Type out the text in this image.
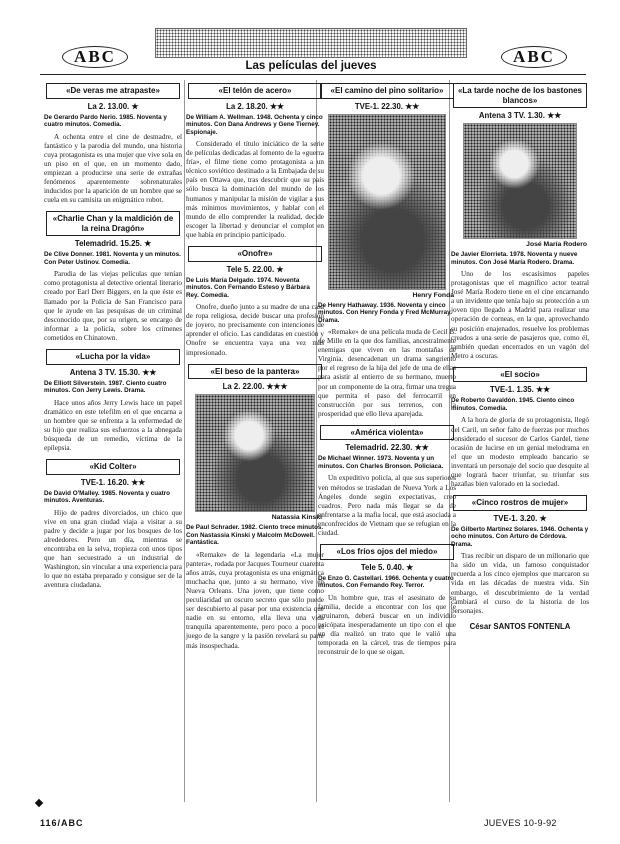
ABC	ABC
Las películas del jueves
«De veras me atrapaste»
La 2. 13.00. ★
De Gerardo Pardo Nerio. 1985. Noventa y cuatro minutos. Comedia.
A ochenta entre el cine de desmadre, el fantástico y la parodia del mundo, una historia cuya protagonista es una mujer que vive sola en un piso en el que, en un momento dado, empiezan a producirse una serie de extrañas fenómenos aparentemente sobrenaturales inducidos por la aparición de un hombre que se cuela en su camisita un enigmático robot.
«Charlie Chan y la maldición de la reina Dragón»
Telemadrid. 15.25. ★
De Clive Donner. 1981. Noventa y un minutos. Con Peter Ustinov. Comedia.
Parodia de las viejas películas que tenían como protagonista al detective oriental literario creado por Earl Derr Biggers, en la que éste es llamado por la Policía de San Francisco para que le ayude en las pesquisas de un criminal desconocido que, por su origen, se encargo de informar a la policía, sobre los crímenes cometidos en Chinatown.
«Lucha por la vida»
Antena 3 TV. 15.30. ★★
De Elliott Silverstein. 1987. Ciento cuatro minutos. Con Jerry Lewis. Drama.
Hace unos años Jerry Lewis hace un papel dramático en este telefilm en el que encarna a un hombre que se enfrenta a la enfermedad de su hijo que realiza sus esfuerzos a la abnegada búsqueda de un remedio, víctima de la epilepsia.
«Kid Colter»
TVE-1. 16.20. ★★
De David O'Malley. 1985. Noventa y cuatro minutos. Aventuras.
Hijo de padres divorciados, un chico que vive en una gran ciudad viaja a visitar a su padre y decide a jugar por los bosques de los alrededores. Pero un día, mientras se encontraba en la selva, tropieza con unos tipos que han secuestrado a un industrial de Washington, sin vincular a una experiencia para lo que no estaba preparado y consigue ser de la aventura ciudadana.
«El telón de acero»
La 2. 18.20. ★★
De William A. Wellman. 1948. Ochenta y cinco minutos. Con Dana Andrews y Gene Tierney. Espionaje.
Considerado el título iniciático de la serie de películas dedicadas al fomento de la «guerra fría», el filme tiene como protagonista a un técnico soviético destinado a la Embajada de su país en Ottawa que, tras descubrir que su país sólo busca la dominación del mundo de los humanos y manipular la misión de vigilar a sus más mínimos movimientos, y hablar con el mundo de ello comprender la realidad, decide escoger la libertad y denunciar el complot en que había en principio participado.
«Onofre»
Tele 5. 22.00. ★
De Luis María Delgado. 1974. Noventa minutos. Con Fernando Esteso y Bárbara Rey. Comedia.
Onofre, dueño junto a su madre de una casa de ropa religiosa, decide buscar una profesión de joyero, no precisamente con intenciones de aprender el oficio. Las candidatas en cuestión y Onofre se encuentra vaya una vez más impresionado.
«El beso de la pantera»
La 2. 22.00. ★★★
Natassia Kinski
De Paul Schrader. 1982. Ciento trece minutos. Con Nastassia Kinski y Malcolm McDowell. Fantástica.
«Remake» de la legendaria «La mujer pantera», rodada por Jacques Tourneur cuarenta años atrás, cuya protagonista es una enigmática muchacha que, junto a su hermano, vive en Nueva Orleans. Una joven, que tiene como peculiaridad un oscuro secreto que sólo puede ser descubierto al pasar por una existencia que nadie en su entorno, ella lleva una vida tranquila aparentemente, pero poco a poco el juego de la sangre y la pasión revelará su parte más insospechada.
«El camino del pino solitario»
TVE-1. 22.30. ★★
Henry Fonda
De Henry Hathaway. 1936. Noventa y cinco minutos. Con Henry Fonda y Fred McMurray. Drama.
«Remake» de una película muda de Cecil B. de Mille en la que dos familias, ancestralmente enemigas que viven en las montañas de Virginia, desencadenan un drama sangriento por el regreso de la hija del jefe de una de ellas para asistir al entierro de su hermano, muerto por un componente de la otra, firmar una tregua que permita el paso del ferrocarril en construcción por sus terrenos, con la prosperidad que ello lleva aparejada.
«América violenta»
Telemadrid. 22.30. ★★
De Michael Winner. 1973. Noventa y un minutos. Con Charles Bronson. Policíaca.
Un expeditivo policía, al que sus superiores ven métodos se trasladan de Nueva York a Los Ángeles donde según expectativas, creo cuadros. Pero nada más llegar se da de enfrentarse a la mafia local, que está asociada a enconfrecidos de Vietnam que se refugian en la ciudad.
«Los fríos ojos del miedo»
Tele 5. 0.40. ★
De Enzo G. Castellari. 1966. Ochenta y cuatro minutos. Con Fernando Rey. Terror.
Un hombre que, tras el asesinato de su familia, decide a encontrar con los que le arruinaron, deberá buscar en un individuo psicópata inesperadamente un tipo con el que un día realizó un trato que le valió una temporada en la cárcel, tras de tiempos para reconstruir de lo que se oigan.
«La tarde noche de los bastones blancos»
Antena 3 TV. 1.30. ★★
José María Rodero
De Javier Elorrieta. 1978. Noventa y nueve minutos. Con José María Rodero. Drama.
Uno de los escasísimos papeles protagonistas que el magnífico actor teatral José María Rodero tiene en el cine encarnando a un invidente que tenía bajo su protección a un joven tipo llegado a Madrid para realizar una operación de corneas, en la que, aprovechando su posición enajenados, resuelve los problemas creados a una serie de pasajeros que, como él, también quedan encerrados en un vagón del Metro a oscuras.
«El socio»
TVE-1. 1.35. ★★
De Roberto Gavaldón. 1945. Ciento cinco minutos. Comedia.
A la hora de gloria de su protagonista, llegó del Caril, un señor falto de fuerzas por muchos considerado el sucesor de Carlos Gardel, tiene ocasión de lucirse en un genial melodrama en el que un modesto empleado bancario se inventará un personaje del socio que desquite al que logrará hacer triunfar, su triunfar sus hazañas bien valorado en la sociedad.
«Cinco rostros de mujer»
TVE-1. 3.20. ★
De Gilberto Martínez Solares. 1946. Ochenta y ocho minutos. Con Arturo de Córdova. Drama.
Tras recibir un disparo de un millonario que ha sido un vida, un famoso conquistador recuerda a los cinco ejemplos que marcaron su vida en las décadas de nuestra vida. Sin embargo, el descubrimiento de la verdad cambiará el curso de la historia de los personajes.
César SANTOS FONTENLA
116/ABC	JUEVES 10-9-92
